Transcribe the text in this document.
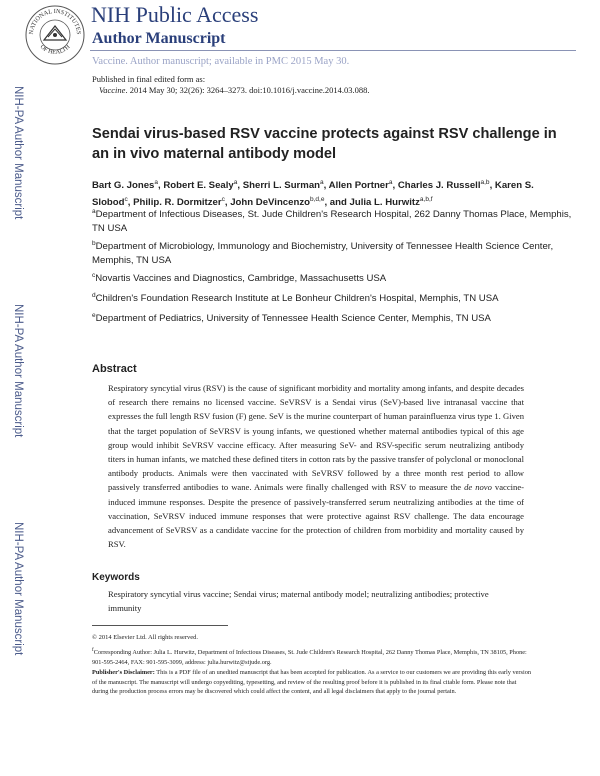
NATIONAL INSTITUTES
OF HEALTH
NIH Public Access
Author Manuscript
Vaccine. Author manuscript; available in PMC 2015 May 30.
Published in final edited form as:
Vaccine. 2014 May 30; 32(26): 3264–3273. doi:10.1016/j.vaccine.2014.03.088.
NIH-PA Author Manuscript
NIH-PA Author Manuscript
NIH-PA Author Manuscript
Sendai virus-based RSV vaccine protects against RSV challenge in an in vivo maternal antibody model
Bart G. Jones$^a$, Robert E. Sealy$^a$, Sherri L. Surman$^a$, Allen Portner$^a$, Charles J. Russell$^{a,b}$, Karen S. Slobod$^c$, Philip. R. Dormitzer$^c$, John DeVincenzo$^{b,d,e}$, and Julia L. Hurwitz$^{a,b,f}$
$^a$Department of Infectious Diseases, St. Jude Children's Research Hospital, 262 Danny Thomas Place, Memphis, TN USA
$^b$Department of Microbiology, Immunology and Biochemistry, University of Tennessee Health Science Center, Memphis, TN USA
$^c$Novartis Vaccines and Diagnostics, Cambridge, Massachusetts USA
$^d$Children's Foundation Research Institute at Le Bonheur Children's Hospital, Memphis, TN USA
$^e$Department of Pediatrics, University of Tennessee Health Science Center, Memphis, TN USA
Abstract
Respiratory syncytial virus (RSV) is the cause of significant morbidity and mortality among infants, and despite decades of research there remains no licensed vaccine. SeVRSV is a Sendai virus (SeV)-based live intranasal vaccine that expresses the full length RSV fusion (F) gene. SeV is the murine counterpart of human parainfluenza virus type 1. Given that the target population of SeVRSV is young infants, we questioned whether maternal antibodies typical of this age group would inhibit SeVRSV vaccine efficacy. After measuring SeV- and RSV-specific serum neutralizing antibody titers in human infants, we matched these defined titers in cotton rats by the passive transfer of polyclonal or monoclonal antibody products. Animals were then vaccinated with SeVRSV followed by a three month rest period to allow passively transferred antibodies to wane. Animals were finally challenged with RSV to measure the de novo vaccine-induced immune responses. Despite the presence of passively-transferred serum neutralizing antibodies at the time of vaccination, SeVRSV induced immune responses that were protective against RSV challenge. The data encourage advancement of SeVRSV as a candidate vaccine for the protection of children from morbidity and mortality caused by RSV.
Keywords
Respiratory syncytial virus vaccine; Sendai virus; maternal antibody model; neutralizing antibodies; protective immunity
© 2014 Elsevier Ltd. All rights reserved.
$^f$Corresponding Author: Julia L. Hurwitz, Department of Infectious Diseases, St. Jude Children's Research Hospital, 262 Danny Thomas Place, Memphis, TN 38105, Phone: 901-595-2464, FAX: 901-595-3099, address: julia.hurwitz@stjude.org.
Publisher's Disclaimer: This is a PDF file of an unedited manuscript that has been accepted for publication. As a service to our customers we are providing this early version of the manuscript. The manuscript will undergo copyediting, typesetting, and review of the resulting proof before it is published in its final citable form. Please note that during the production process errors may be discovered which could affect the content, and all legal disclaimers that apply to the journal pertain.
